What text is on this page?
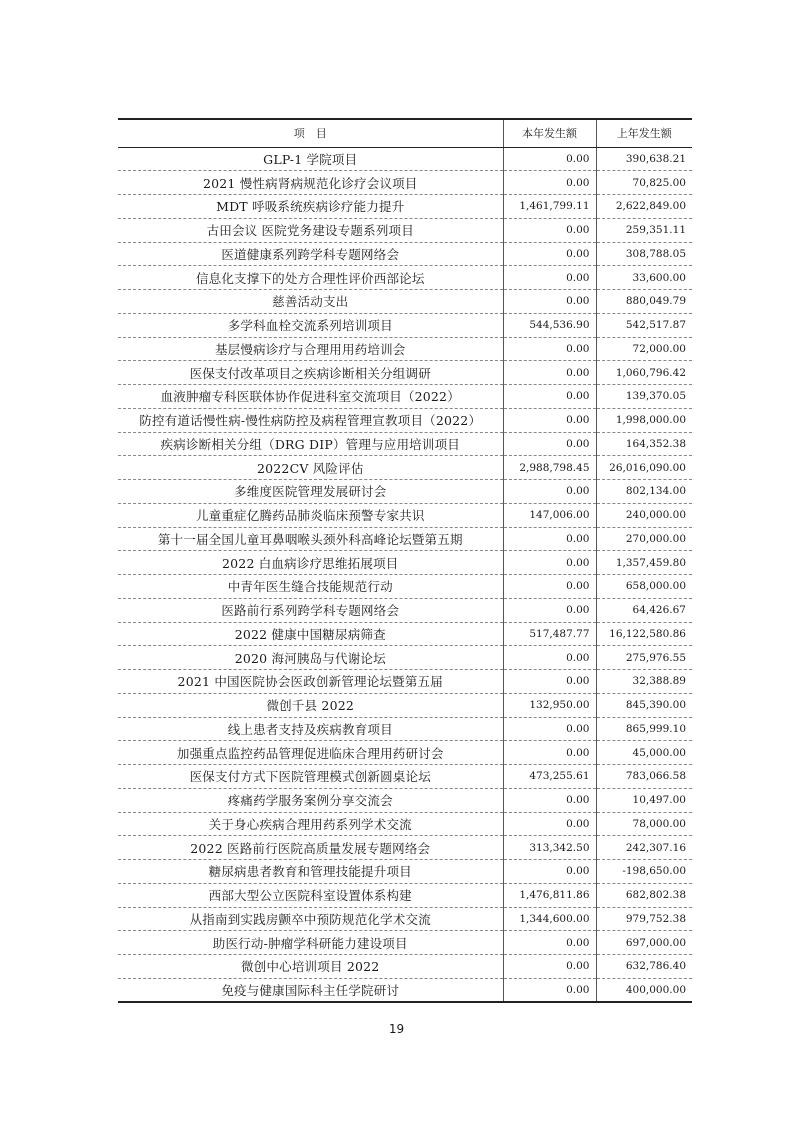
项　目	本年发生额	上年发生额
GLP-1 学院项目	0.00	390,638.21
2021 慢性病肾病规范化诊疗会议项目	0.00	70,825.00
MDT 呼吸系统疾病诊疗能力提升	1,461,799.11	2,622,849.00
古田会议 医院党务建设专题系列项目	0.00	259,351.11
医道健康系列跨学科专题网络会	0.00	308,788.05
信息化支撑下的处方合理性评价西部论坛	0.00	33,600.00
慈善活动支出	0.00	880,049.79
多学科血栓交流系列培训项目	544,536.90	542,517.87
基层慢病诊疗与合理用用药培训会	0.00	72,000.00
医保支付改革项目之疾病诊断相关分组调研	0.00	1,060,796.42
血液肿瘤专科医联体协作促进科室交流项目（2022）	0.00	139,370.05
防控有道话慢性病-慢性病防控及病程管理宣教项目（2022）	0.00	1,998,000.00
疾病诊断相关分组（DRG DIP）管理与应用培训项目	0.00	164,352.38
2022CV 风险评估	2,988,798.45	26,016,090.00
多维度医院管理发展研讨会	0.00	802,134.00
儿童重症亿腾药品肺炎临床预警专家共识	147,006.00	240,000.00
第十一届全国儿童耳鼻咽喉头颈外科高峰论坛暨第五期	0.00	270,000.00
2022 白血病诊疗思维拓展项目	0.00	1,357,459.80
中青年医生缝合技能规范行动	0.00	658,000.00
医路前行系列跨学科专题网络会	0.00	64,426.67
2022 健康中国糖尿病筛查	517,487.77	16,122,580.86
2020 海河胰岛与代谢论坛	0.00	275,976.55
2021 中国医院协会医政创新管理论坛暨第五届	0.00	32,388.89
微创千县 2022	132,950.00	845,390.00
线上患者支持及疾病教育项目	0.00	865,999.10
加强重点监控药品管理促进临床合理用药研讨会	0.00	45,000.00
医保支付方式下医院管理模式创新圆桌论坛	473,255.61	783,066.58
疼痛药学服务案例分享交流会	0.00	10,497.00
关于身心疾病合理用药系列学术交流	0.00	78,000.00
2022 医路前行医院高质量发展专题网络会	313,342.50	242,307.16
糖尿病患者教育和管理技能提升项目	0.00	-198,650.00
西部大型公立医院科室设置体系构建	1,476,811.86	682,802.38
从指南到实践房颤卒中预防规范化学术交流	1,344,600.00	979,752.38
助医行动-肿瘤学科研能力建设项目	0.00	697,000.00
微创中心培训项目 2022	0.00	632,786.40
免疫与健康国际科主任学院研讨	0.00	400,000.00
19
